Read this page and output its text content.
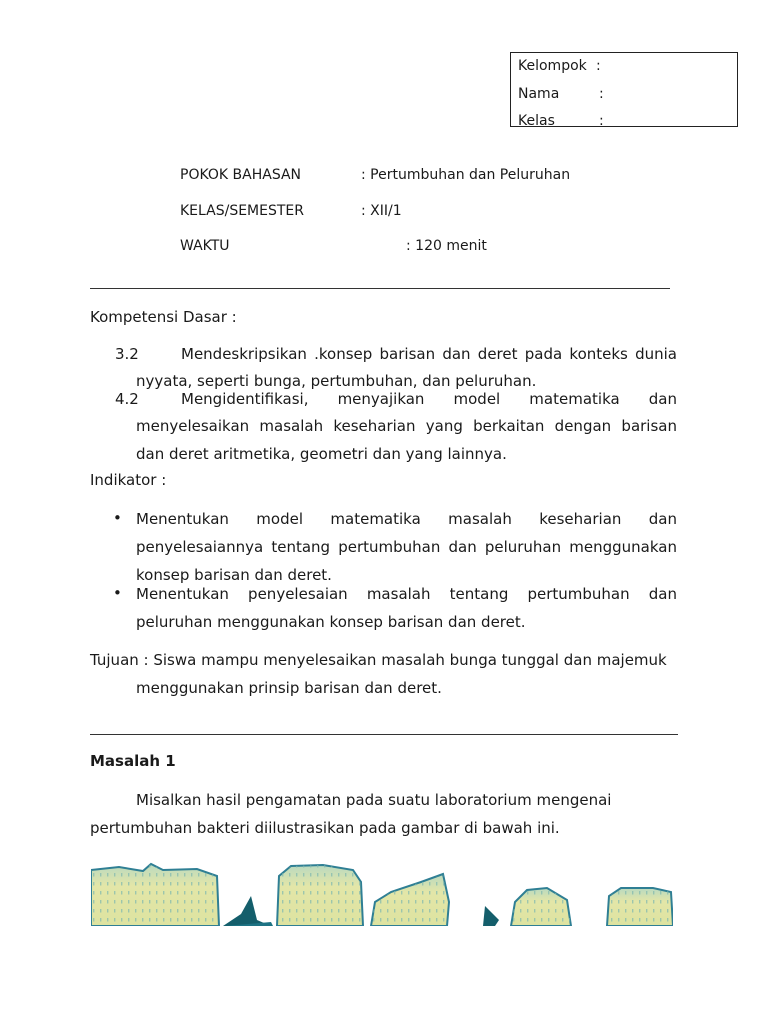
Kelompok :
Nama	:
Kelas	:
POKOK BAHASAN	: Pertumbuhan dan Peluruhan
KELAS/SEMESTER	: XII/1
WAKTU	: 120 menit
Kompetensi Dasar :
3.2	Mendeskripsikan .konsep barisan dan deret pada konteks dunia
nyyata, seperti bunga, pertumbuhan, dan peluruhan.
4.2	Mengidentifikasi, menyajikan model matematika dan
menyelesaikan masalah keseharian yang berkaitan dengan barisan
dan deret aritmetika, geometri dan yang lainnya.
Indikator :
• Menentukan model matematika masalah keseharian dan
penyelesaiannya tentang pertumbuhan dan peluruhan menggunakan
konsep barisan dan deret.
• Menentukan penyelesaian masalah tentang pertumbuhan dan
peluruhan menggunakan konsep barisan dan deret.
Tujuan : Siswa mampu menyelesaikan masalah bunga tunggal dan majemuk
menggunakan prinsip barisan dan deret.
Masalah 1
Misalkan hasil pengamatan pada suatu laboratorium mengenai
pertumbuhan bakteri diilustrasikan pada gambar di bawah ini.
